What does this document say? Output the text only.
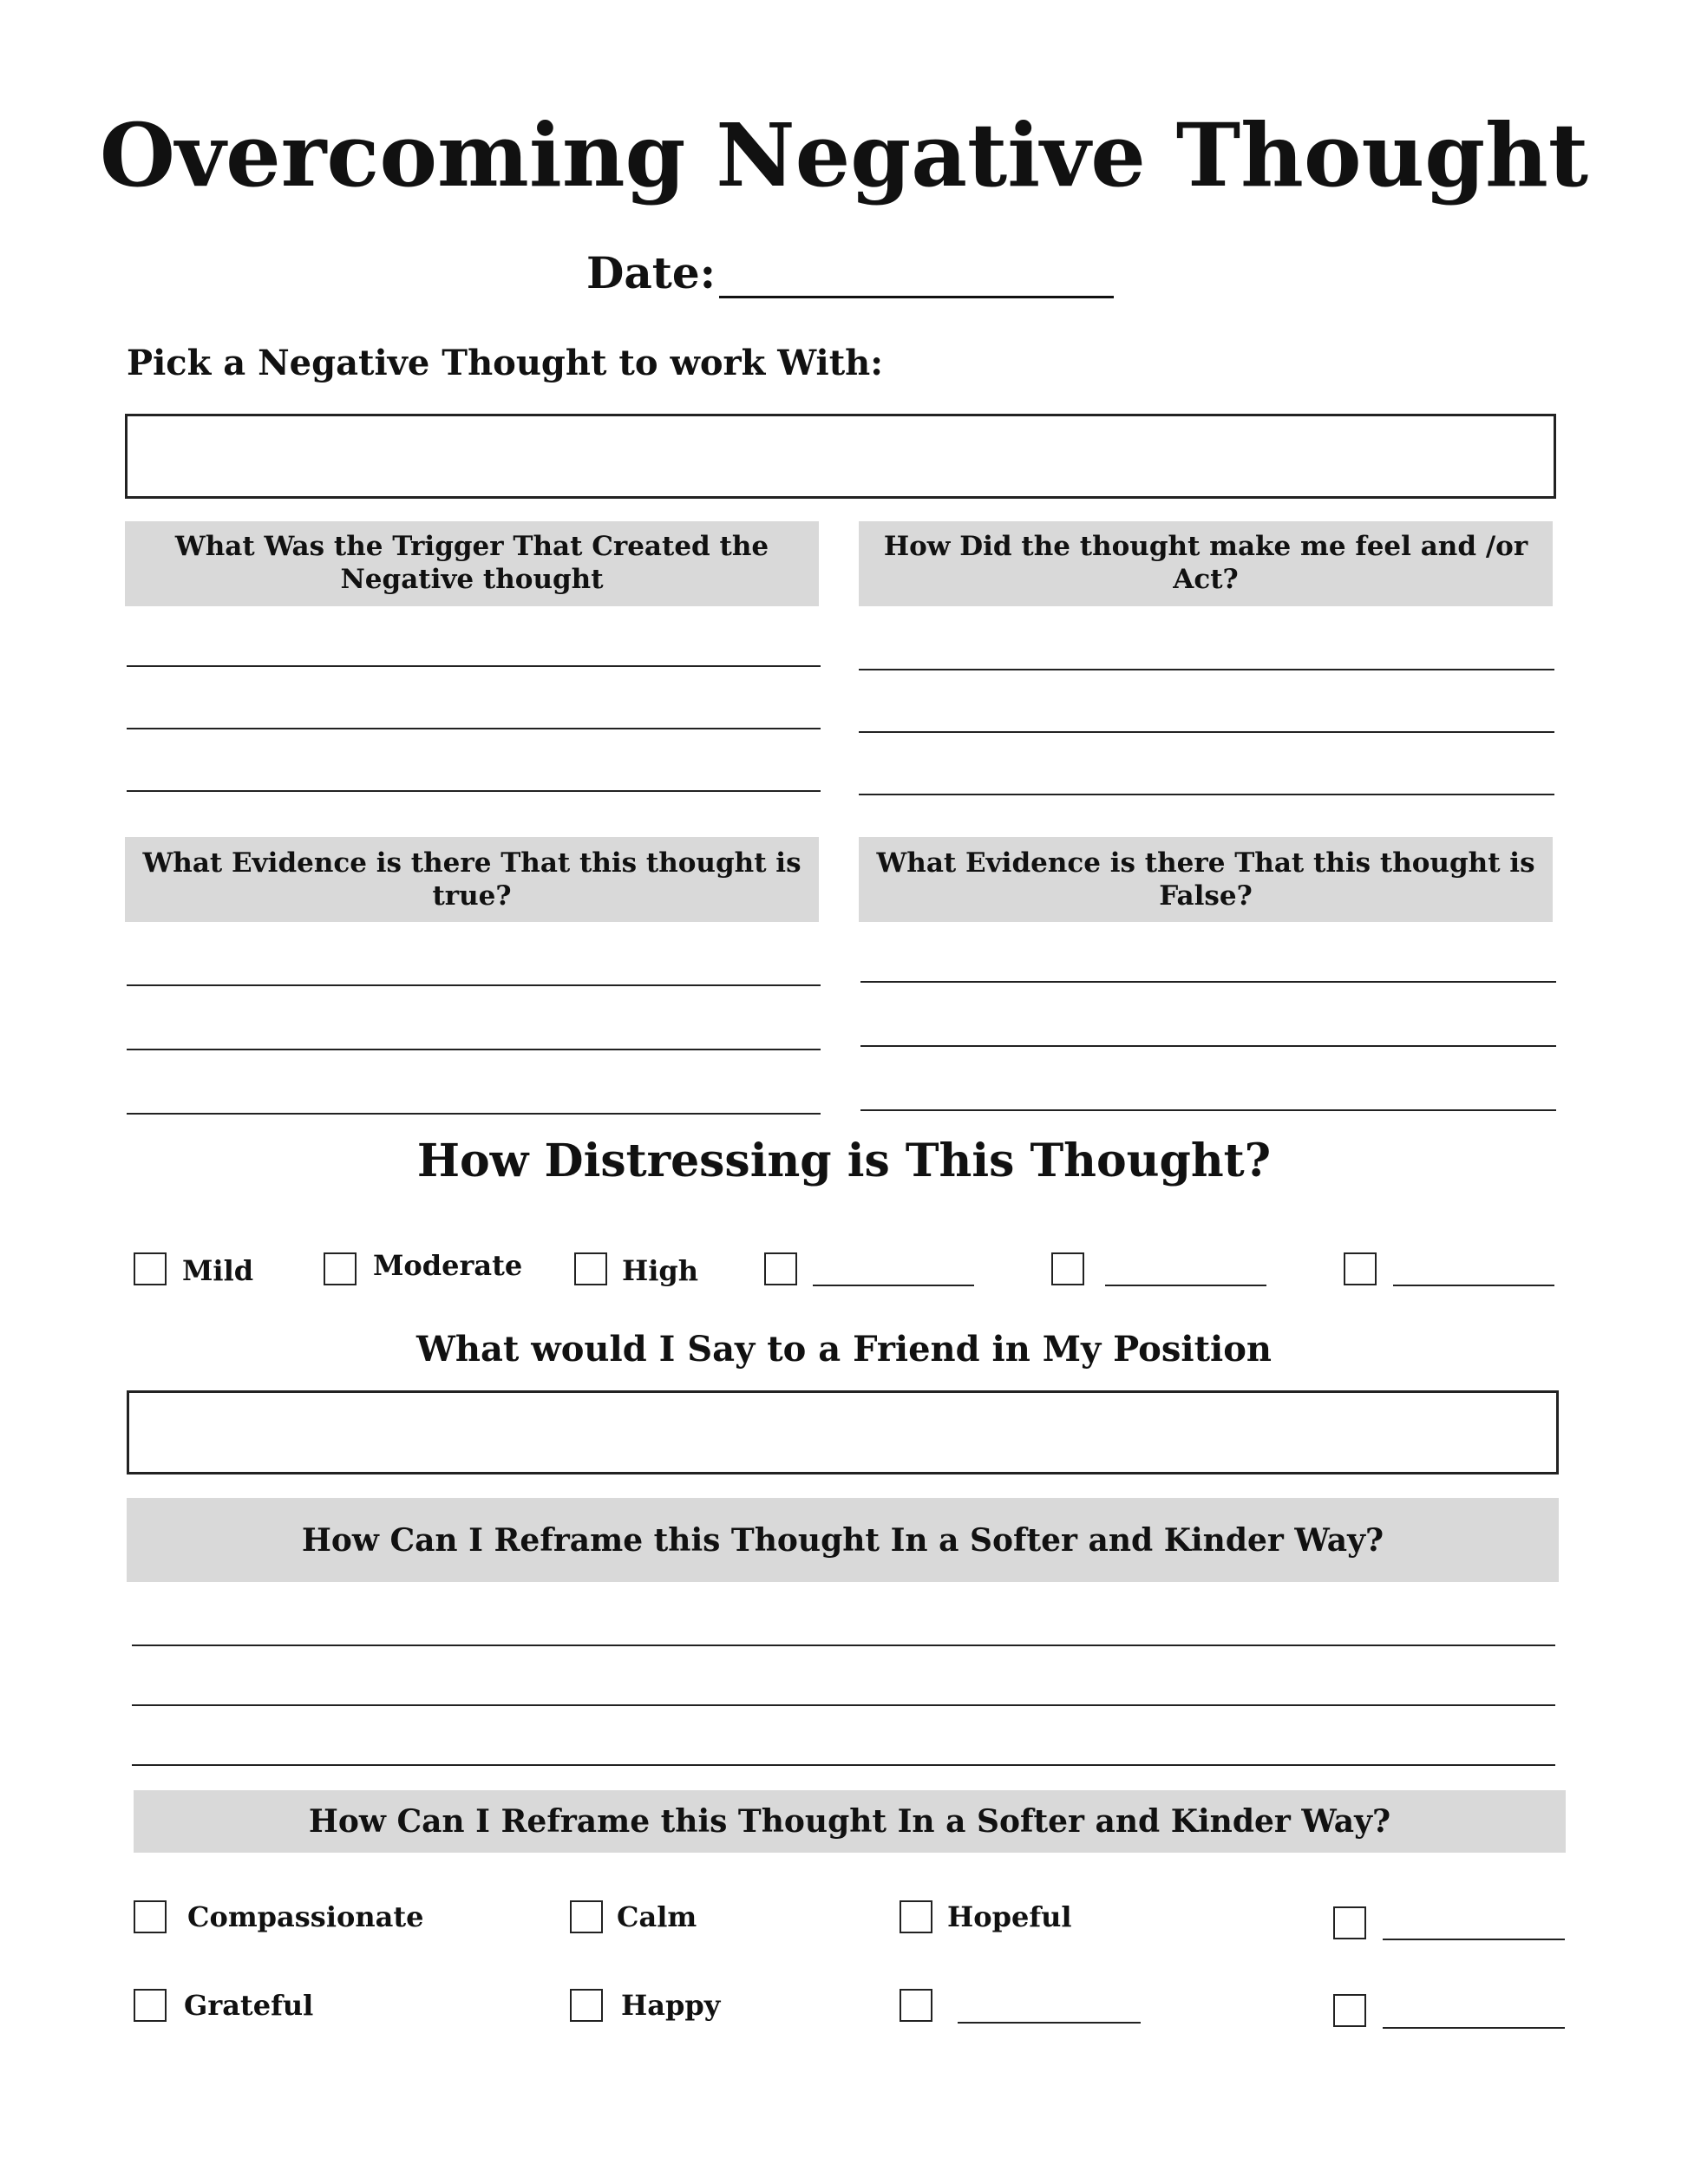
Overcoming Negative Thought
Date:
Pick a Negative Thought to work With:
What Was the Trigger That Created the Negative thought
How Did the thought make me feel and /or Act?
What Evidence is there That this thought is true?
What Evidence is there That this thought is False?
How Distressing is This Thought?
Mild	Moderate	High
What would I Say to a Friend in My Position
How Can I Reframe this Thought In a Softer and Kinder Way?
How Can I Reframe this Thought In a Softer and Kinder Way?
Compassionate	Calm	Hopeful
Grateful	Happy
